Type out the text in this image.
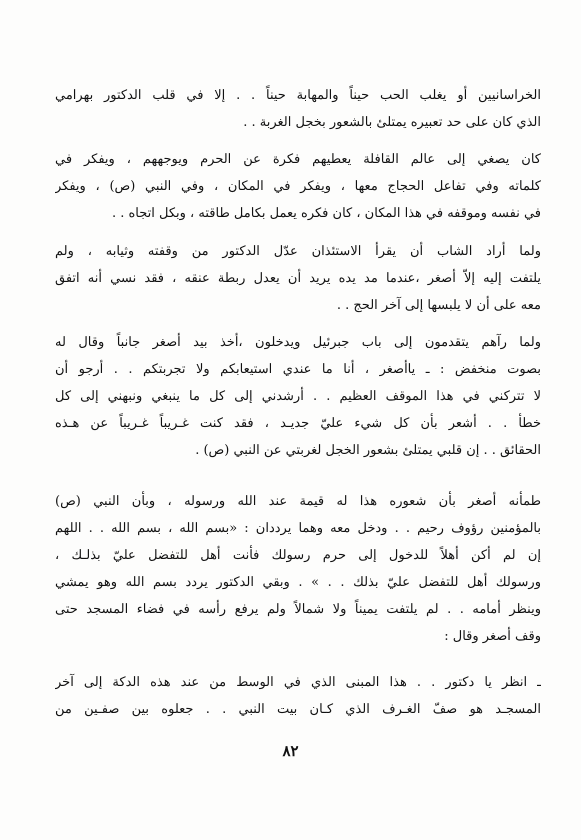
الخراسانيين أو يغلب الحب حيناً والمهابة حيناً . . إلا في قلب الدكتور بهرامي
الذي كان على حد تعبيره يمتلئ بالشعور بخجل الغربة . .
كان يصغي إلى عالم القافلة يعطيهم فكرة عن الحرم ويوجههم ، ويفكر في
كلماته وفي تفاعل الحجاج معها ، ويفكر في المكان ، وفي النبي (ص) ، ويفكر
في نفسه وموقفه في هذا المكان ، كان فكره يعمل بكامل طاقته ، وبكل اتجاه . .
ولما أراد الشاب أن يقرأ الاستئذان عدّل الدكتور من وقفته وثيابه ، ولم
يلتفت إليه إلاّ أصغر ،عندما مد يده يريد أن يعدل ربطة عنقه ، فقد نسي أنه اتفق
معه على أن لا يلبسها إلى آخر الحج . .
ولما رآهم يتقدمون إلى باب جبرئيل ويدخلون ،أخذ بيد أصغر جانباً وقال له
بصوت منخفض : ـ ياأصغر ، أنا ما عندي استيعابكم ولا تجربتكم . . أرجو أن
لا تتركني في هذا الموقف العظيم . . أرشدني إلى كل ما ينبغي ونبهني إلى كل
خطأ . . أشعر بأن كل شيء عليّ جديـد ، فقد كنت غـريباً غـريباً عن هـذه
الحقائق . . إن قلبي يمتلئ بشعور الخجل لغربتي عن النبي (ص) .
طمأنه أصغر بأن شعوره هذا له قيمة عند الله ورسوله ، وبأن النبي (ص)
بالمؤمنين رؤوف رحيم . . ودخل معه وهما يرددان : «بسم الله ، بسم الله . . اللهم
إن لم أكن أهلاً للدخول إلى حرم رسولك فأنت أهل للتفضل عليّ بذلـك ،
ورسولك أهل للتفضل عليّ بذلك . . » . وبقي الدكتور يردد بسم الله وهو يمشي
وينظر أمامه . . لم يلتفت يميناً ولا شمالاً ولم يرفع رأسه في فضاء المسجد حتى
وقف أصغر وقال :
ـ انظر يا دكتور . . هذا المبنى الذي في الوسط من عند هذه الدكة إلى آخر
المسجـد هو صفّ الغـرف الذي كـان بيت النبي . . جعلوه بين صفـين من
٨٢
